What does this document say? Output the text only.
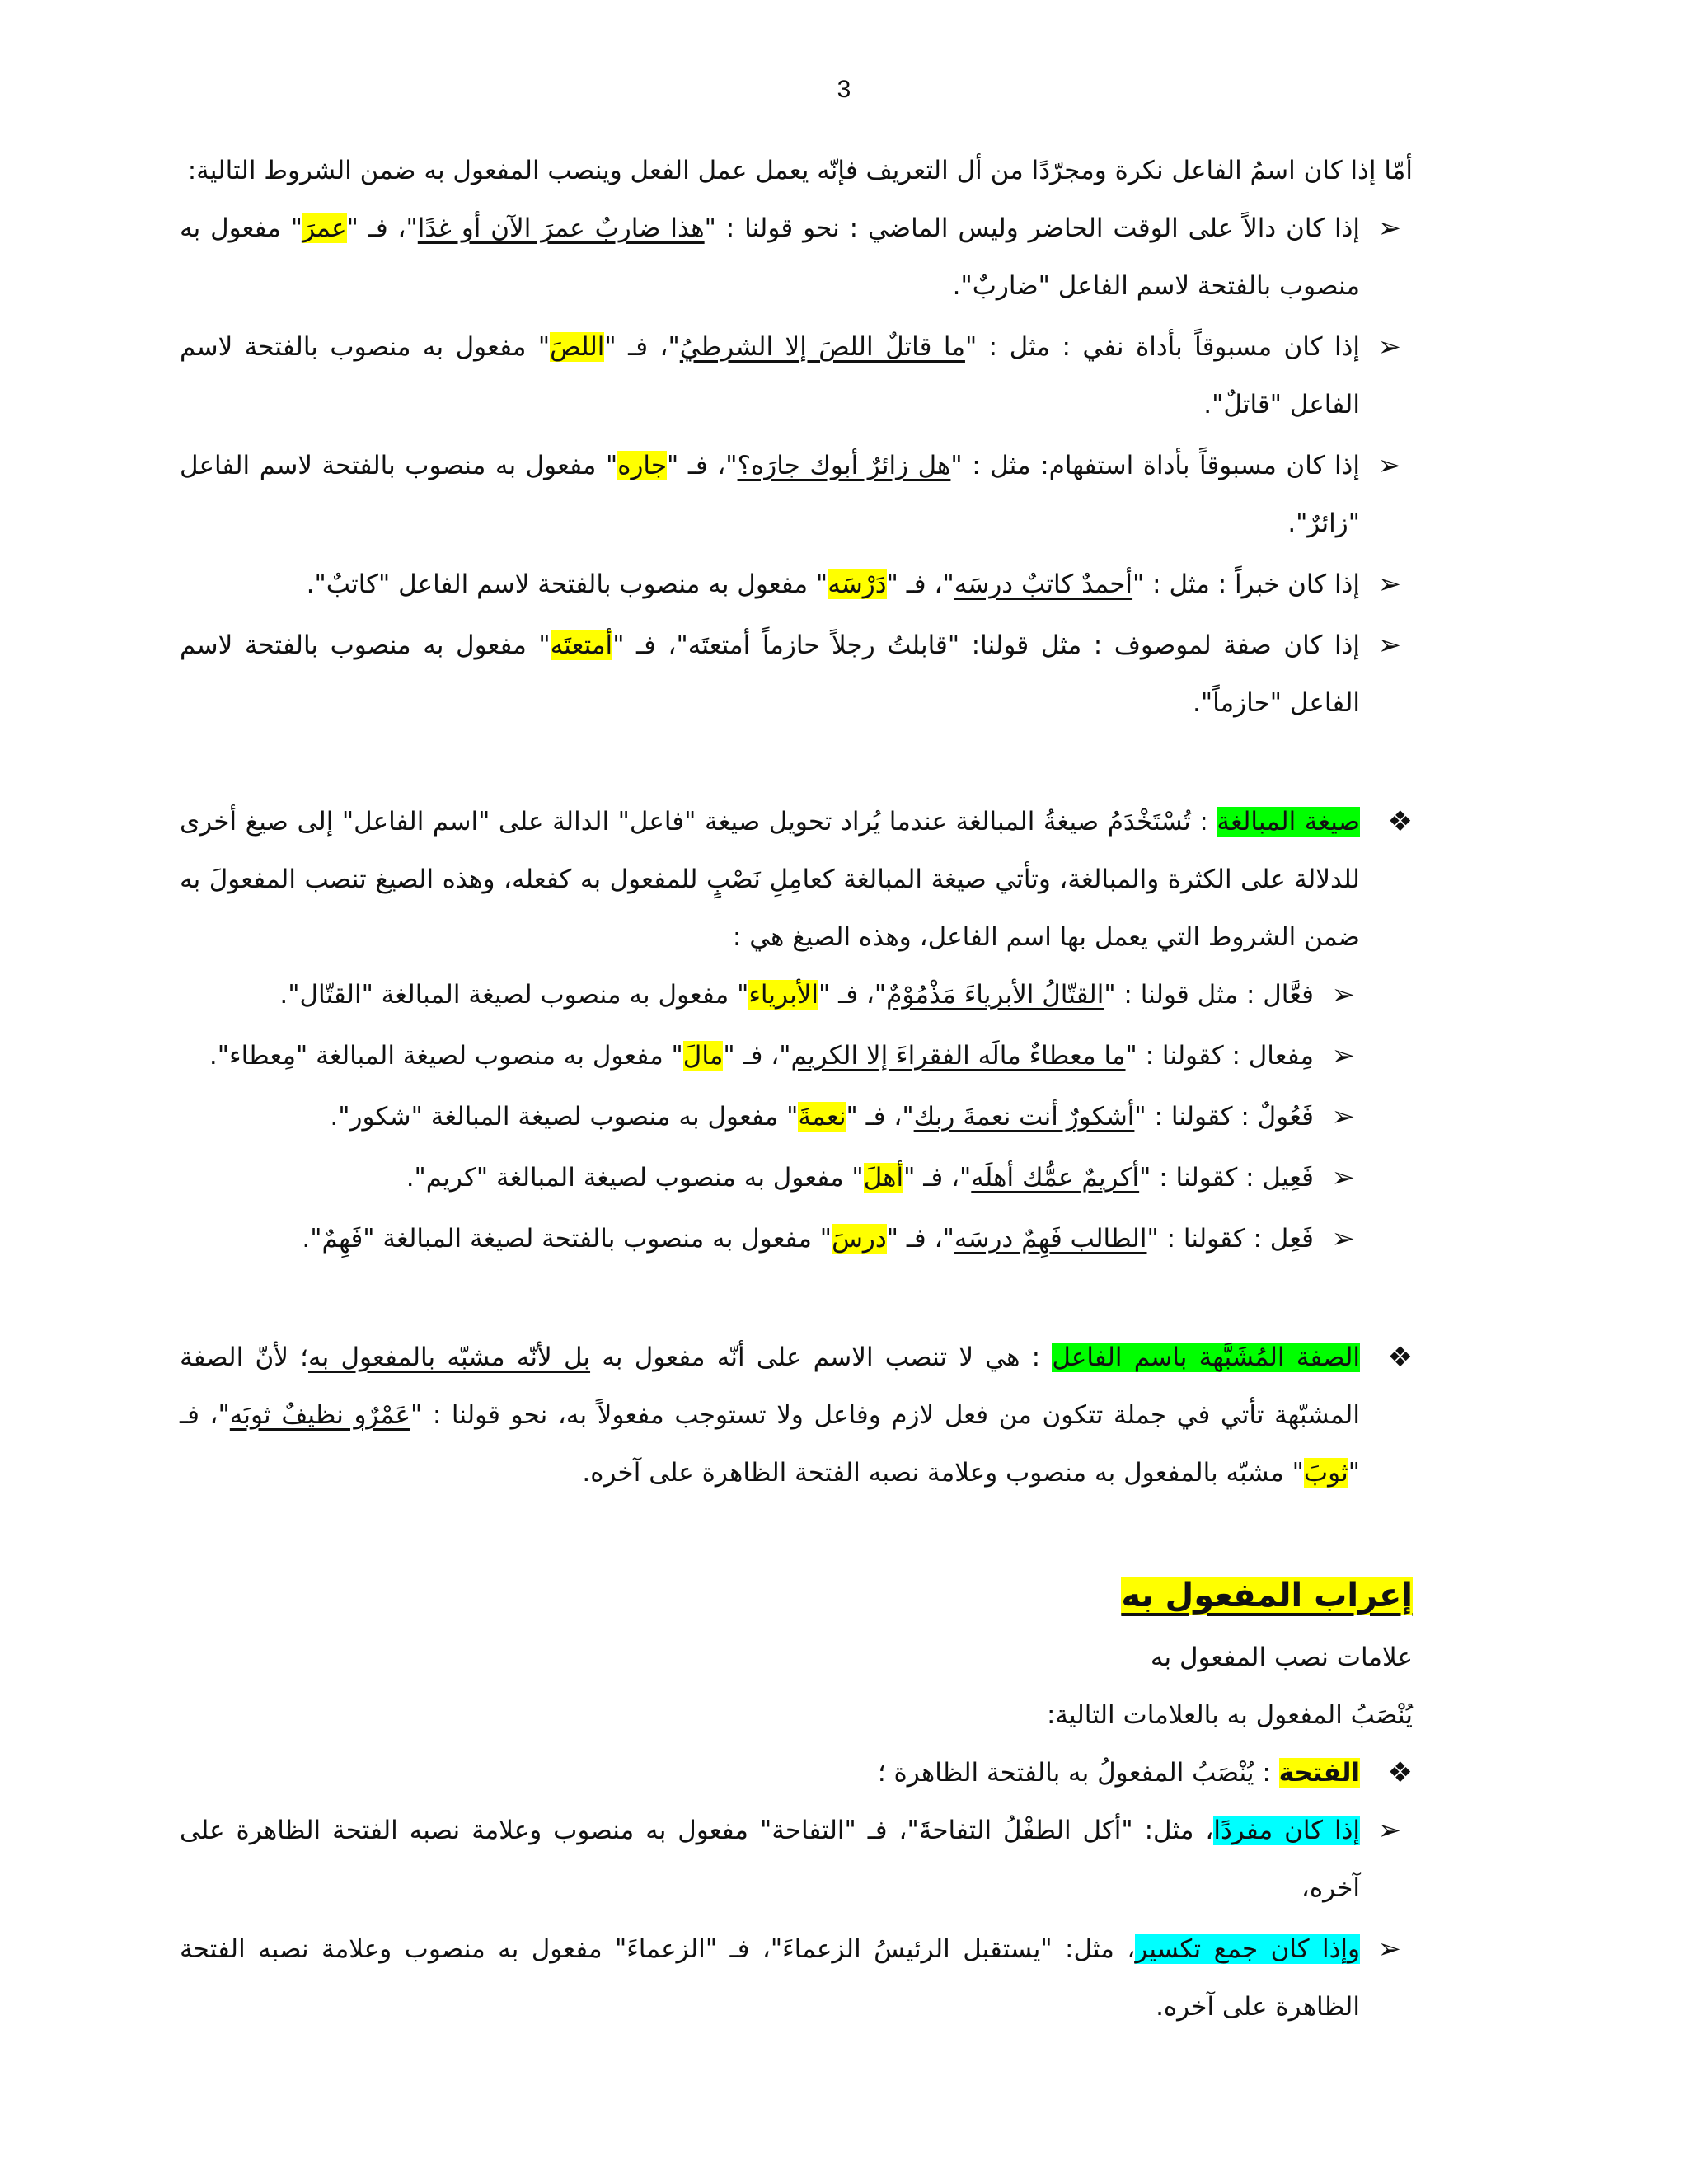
3

أمّا إذا كان اسمُ الفاعل نكرة ومجرّدًا من أل التعريف فإنّه يعمل عمل الفعل وينصب المفعول به ضمن الشروط التالية:

➢
إذا كان دالاً على الوقت الحاضر وليس الماضي : نحو قولنا : "هذا ضاربٌ عمرَ الآن أو غدًا"، فـ "عمرَ" مفعول به منصوب بالفتحة لاسم الفاعل "ضاربٌ".
➢
إذا كان مسبوقاً بأداة نفي : مثل : "ما قاتلٌ اللصَ إلا الشرطيُ"، فـ "اللصَ" مفعول به منصوب بالفتحة لاسم الفاعل "قاتلٌ".
➢
إذا كان مسبوقاً بأداة استفهام: مثل : "هل زائرٌ أبوك جارَه؟"، فـ "جاره" مفعول به منصوب بالفتحة لاسم الفاعل "زائرٌ".
➢
إذا كان خبراً : مثل : "أحمدٌ كاتبٌ درسَه"، فـ "دَرْسَه" مفعول به منصوب بالفتحة لاسم الفاعل "كاتبٌ".
➢
إذا كان صفة لموصوف : مثل قولنا: "قابلتُ رجلاً حازماً أمتعتَه"، فـ "أمتعتَه" مفعول به منصوب بالفتحة لاسم الفاعل "حازماً".
❖
صيغة المبالغة : تُسْتَخْدَمُ صيغةُ المبالغة عندما يُراد تحويل صيغة "فاعل" الدالة على "اسم الفاعل" إلى صيغ أخرى للدلالة على الكثرة والمبالغة، وتأتي صيغة المبالغة كعامِلِ نَصْبٍ للمفعول به كفعله، وهذه الصيغ تنصب المفعولَ به ضمن الشروط التي يعمل بها اسم الفاعل، وهذه الصيغ هي :
➢
فعَّال : مثل قولنا : "القتّالُ الأبرياءَ مَذْمُوْمٌ"، فـ "الأبرياء" مفعول به منصوب لصيغة المبالغة "القتّال".
➢
مِفعال : كقولنا : "ما معطاءٌ مالَه الفقراءَ إلا الكريم"، فـ "مالَ" مفعول به منصوب لصيغة المبالغة "مِعطاء".
➢
فَعُولٌ : كقولنا : "أشكورٌ أنت نعمةَ ربك"، فـ "نعمةَ" مفعول به منصوب لصيغة المبالغة "شكور".
➢
فَعِيل : كقولنا : "أكريمٌ عمُّك أهلَه"، فـ "أهلَ" مفعول به منصوب لصيغة المبالغة "كريم".
➢
فَعِل : كقولنا : "الطالب فَهِمٌ درسَه"، فـ "درسَ" مفعول به منصوب بالفتحة لصيغة المبالغة "فَهِمٌ".
❖
الصفة المُشَبَّهة باسم الفاعل : هي لا تنصب الاسم على أنّه مفعول به بل لأنّه مشبّه بالمفعول به؛ لأنّ الصفة المشبّهة تأتي في جملة تتكون من فعل لازم وفاعل ولا تستوجب مفعولاً به، نحو قولنا : "عَمْرٌو نظيفٌ ثوبَه"، فـ "ثوبَ" مشبّه بالمفعول به منصوب وعلامة نصبه الفتحة الظاهرة على آخره.
إعراب المفعول به

علامات نصب المفعول به

يُنْصَبُ المفعول به بالعلامات التالية:

❖
الفتحة : يُنْصَبُ المفعولُ به بالفتحة الظاهرة ؛
➢
إذا كان مفردًا، مثل: "أكل الطفْلُ التفاحةَ"، فـ "التفاحة" مفعول به منصوب وعلامة نصبه الفتحة الظاهرة على آخره،
➢
وإذا كان جمع تكسير، مثل: "يستقبل الرئيسُ الزعماءَ"، فـ "الزعماءَ" مفعول به منصوب وعلامة نصبه الفتحة الظاهرة على آخره.
